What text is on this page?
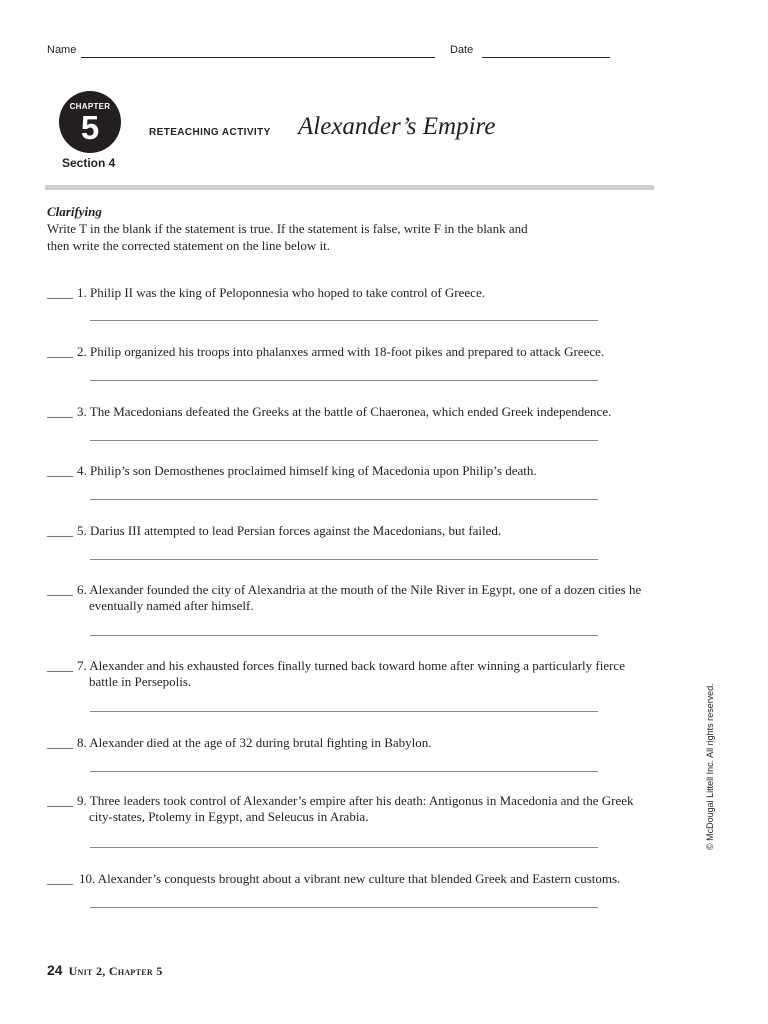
Name	Date
CHAPTER
5
Section 4
RETEACHING ACTIVITY Alexander’s Empire
Clarifying
Write T in the blank if the statement is true. If the statement is false, write F in the blank and then write the corrected statement on the line below it.
____ 1. Philip II was the king of Peloponnesia who hoped to take control of Greece.
____ 2. Philip organized his troops into phalanxes armed with 18-foot pikes and prepared to attack Greece.
____ 3. The Macedonians defeated the Greeks at the battle of Chaeronea, which ended Greek independence.
____ 4. Philip’s son Demosthenes proclaimed himself king of Macedonia upon Philip’s death.
____ 5. Darius III attempted to lead Persian forces against the Macedonians, but failed.
____ 6. Alexander founded the city of Alexandria at the mouth of the Nile River in Egypt, one of a dozen cities he eventually named after himself.
____ 7. Alexander and his exhausted forces finally turned back toward home after winning a particularly fierce battle in Persepolis.
____ 8. Alexander died at the age of 32 during brutal fighting in Babylon.
____ 9. Three leaders took control of Alexander’s empire after his death: Antigonus in Macedonia and the Greek city-states, Ptolemy in Egypt, and Seleucus in Arabia.
____ 10. Alexander’s conquests brought about a vibrant new culture that blended Greek and Eastern customs.
© McDougal Littell Inc. All rights reserved.
24 Unit 2, Chapter 5
